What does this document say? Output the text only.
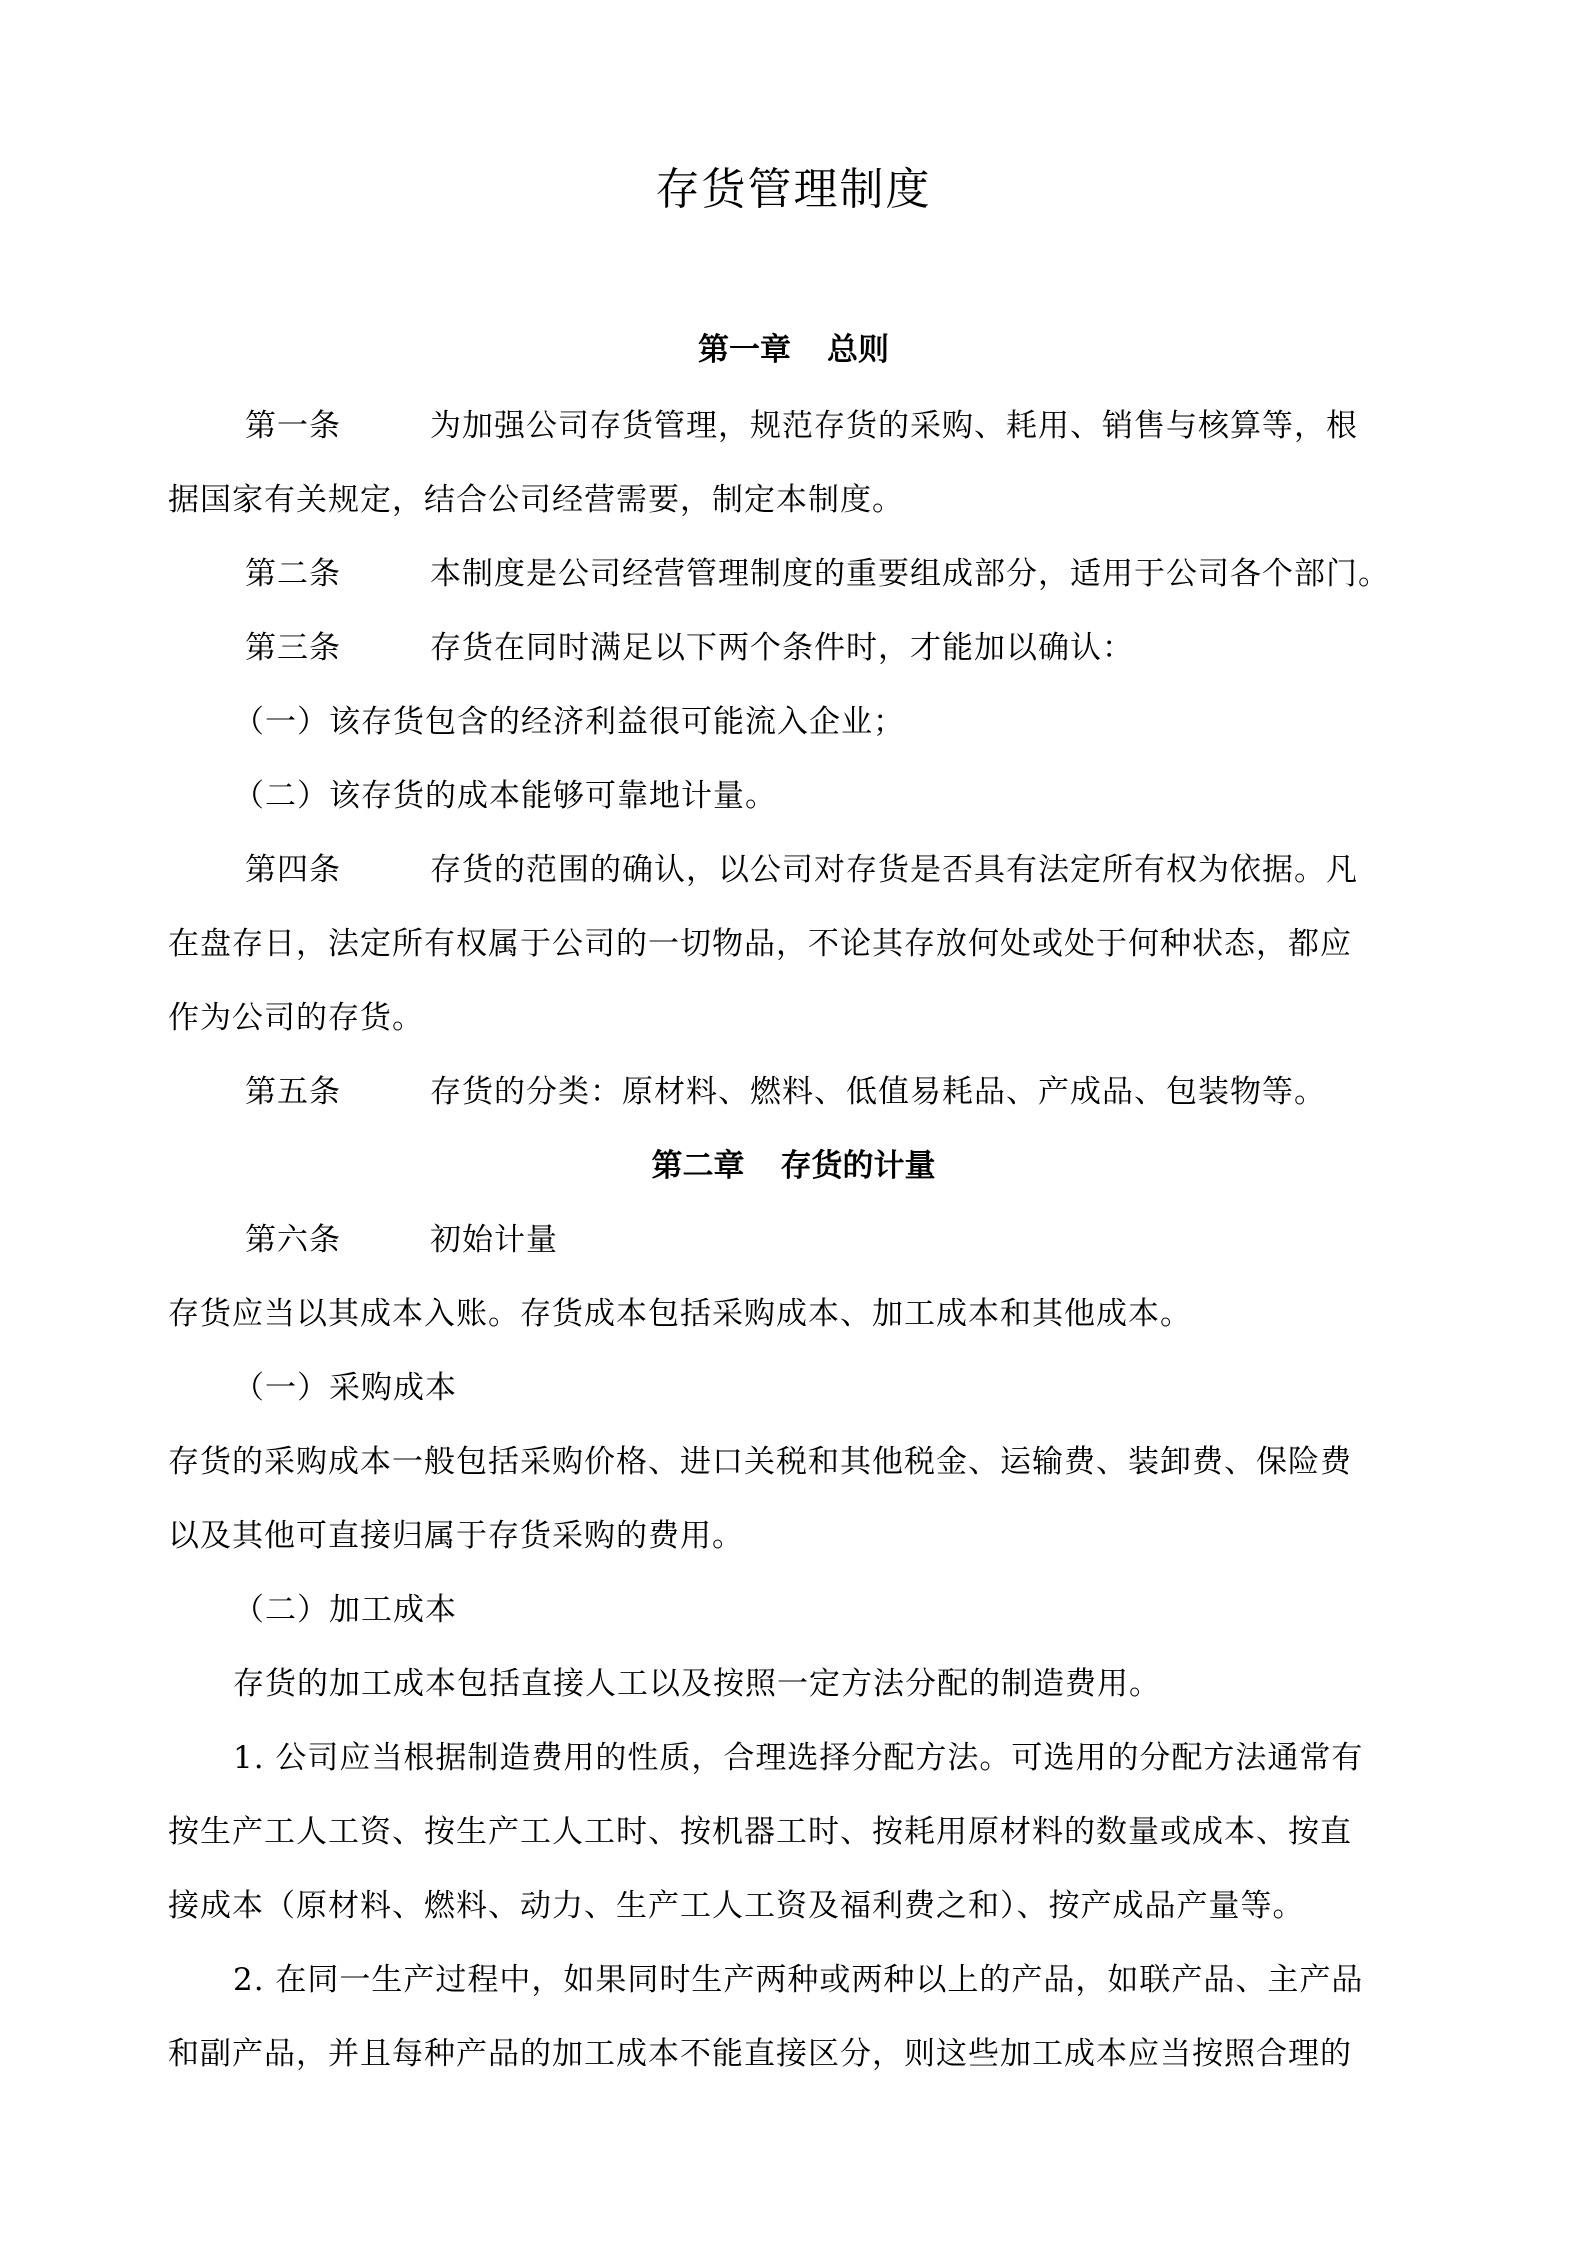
存货管理制度
第一章 总则
第一条	为加强公司存货管理，规范存货的采购、耗用、销售与核算等，根
据国家有关规定，结合公司经营需要，制定本制度。
第二条	本制度是公司经营管理制度的重要组成部分，适用于公司各个部门。
第三条	存货在同时满足以下两个条件时，才能加以确认：
（一）该存货包含的经济利益很可能流入企业；
（二）该存货的成本能够可靠地计量。
第四条	存货的范围的确认，以公司对存货是否具有法定所有权为依据。凡
在盘存日，法定所有权属于公司的一切物品，不论其存放何处或处于何种状态，都应
作为公司的存货。
第五条	存货的分类：原材料、燃料、低值易耗品、产成品、包装物等。
第二章 存货的计量
第六条	初始计量
存货应当以其成本入账。存货成本包括采购成本、加工成本和其他成本。
（一）采购成本
存货的采购成本一般包括采购价格、进口关税和其他税金、运输费、装卸费、保险费
以及其他可直接归属于存货采购的费用。
（二）加工成本
存货的加工成本包括直接人工以及按照一定方法分配的制造费用。
1. 公司应当根据制造费用的性质，合理选择分配方法。可选用的分配方法通常有
按生产工人工资、按生产工人工时、按机器工时、按耗用原材料的数量或成本、按直
接成本（原材料、燃料、动力、生产工人工资及福利费之和）、按产成品产量等。
2. 在同一生产过程中，如果同时生产两种或两种以上的产品，如联产品、主产品
和副产品，并且每种产品的加工成本不能直接区分，则这些加工成本应当按照合理的
